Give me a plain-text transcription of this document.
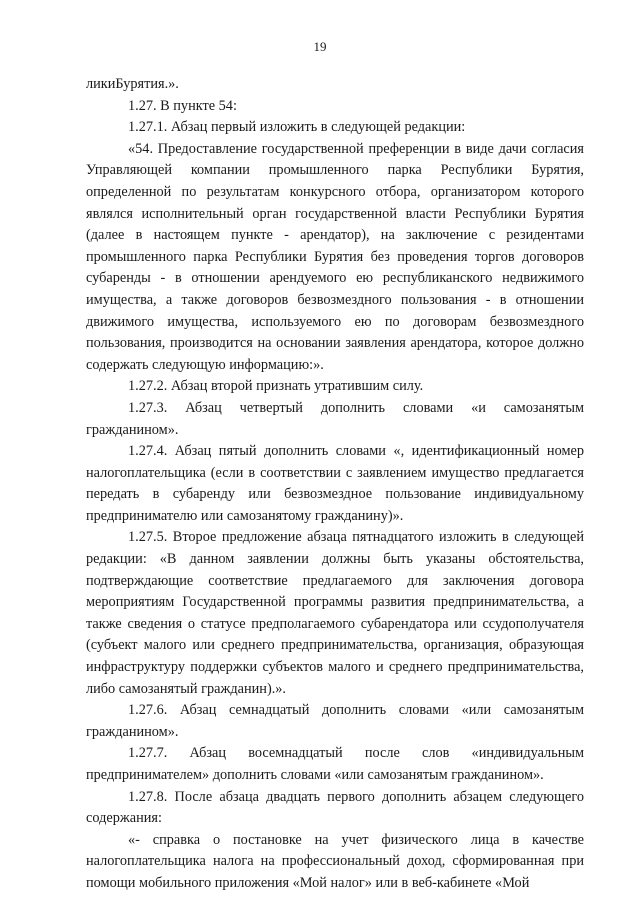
19

ликиБурятия.».

1.27. В пункте 54:

1.27.1. Абзац первый изложить в следующей редакции:

«54. Предоставление государственной преференции в виде дачи согласия Управляющей компании промышленного парка Республики Бурятия, определенной по результатам конкурсного отбора, организатором которого являлся исполнительный орган государственной власти Республики Бурятия (далее в настоящем пункте - арендатор), на заключение с резидентами промышленного парка Республики Бурятия без проведения торгов договоров субаренды - в отношении арендуемого ею республиканского недвижимого имущества, а также договоров безвозмездного пользования - в отношении движимого имущества, используемого ею по договорам безвозмездного пользования, производится на основании заявления арендатора, которое должно содержать следующую информацию:».

1.27.2. Абзац второй признать утратившим силу.

1.27.3. Абзац четвертый дополнить словами «и самозанятым гражданином».

1.27.4. Абзац пятый дополнить словами «, идентификационный номер налогоплательщика (если в соответствии с заявлением имущество предлагается передать в субаренду или безвозмездное пользование индивидуальному предпринимателю или самозанятому гражданину)».

1.27.5. Второе предложение абзаца пятнадцатого изложить в следующей редакции: «В данном заявлении должны быть указаны обстоятельства, подтверждающие соответствие предлагаемого для заключения договора мероприятиям Государственной программы развития предпринимательства, а также сведения о статусе предполагаемого субарендатора или ссудополучателя (субъект малого или среднего предпринимательства, организация, образующая инфраструктуру поддержки субъектов малого и среднего предпринимательства, либо самозанятый гражданин).».

1.27.6. Абзац семнадцатый дополнить словами «или самозанятым гражданином».

1.27.7. Абзац восемнадцатый после слов «индивидуальным предпринимателем» дополнить словами «или самозанятым гражданином».

1.27.8. После абзаца двадцать первого дополнить абзацем следующего содержания:

«- справка о постановке на учет физического лица в качестве налогоплательщика налога на профессиональный доход, сформированная при помощи мобильного приложения «Мой налог» или в веб-кабинете «Мой
